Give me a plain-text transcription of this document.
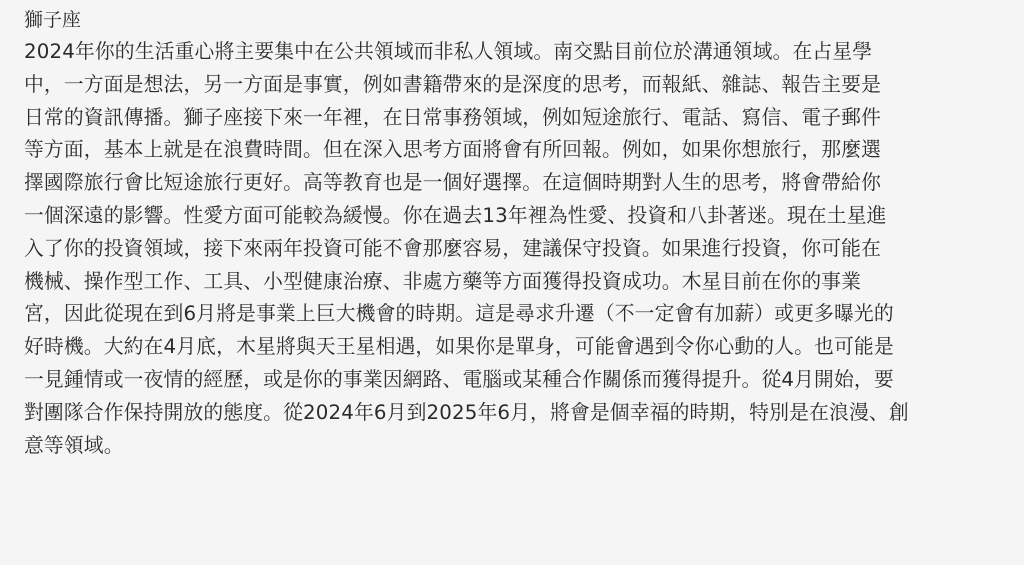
獅子座
2024年你的生活重心將主要集中在公共領域而非私人領域。南交點目前位於溝通領域。在占星學
中，一方面是想法，另一方面是事實，例如書籍帶來的是深度的思考，而報紙、雜誌、報告主要是
日常的資訊傳播。獅子座接下來一年裡，在日常事務領域，例如短途旅行、電話、寫信、電子郵件
等方面，基本上就是在浪費時間。但在深入思考方面將會有所回報。例如，如果你想旅行，那麼選
擇國際旅行會比短途旅行更好。高等教育也是一個好選擇。在這個時期對人生的思考，將會帶給你
一個深遠的影響。性愛方面可能較為緩慢。你在過去13年裡為性愛、投資和八卦著迷。現在土星進
入了你的投資領域，接下來兩年投資可能不會那麼容易，建議保守投資。如果進行投資，你可能在
機械、操作型工作、工具、小型健康治療、非處方藥等方面獲得投資成功。木星目前在你的事業
宮，因此從現在到6月將是事業上巨大機會的時期。這是尋求升遷（不一定會有加薪）或更多曝光的
好時機。大約在4月底，木星將與天王星相遇，如果你是單身，可能會遇到令你心動的人。也可能是
一見鍾情或一夜情的經歷，或是你的事業因網路、電腦或某種合作關係而獲得提升。從4月開始，要
對團隊合作保持開放的態度。從2024年6月到2025年6月，將會是個幸福的時期，特別是在浪漫、創
意等領域。
